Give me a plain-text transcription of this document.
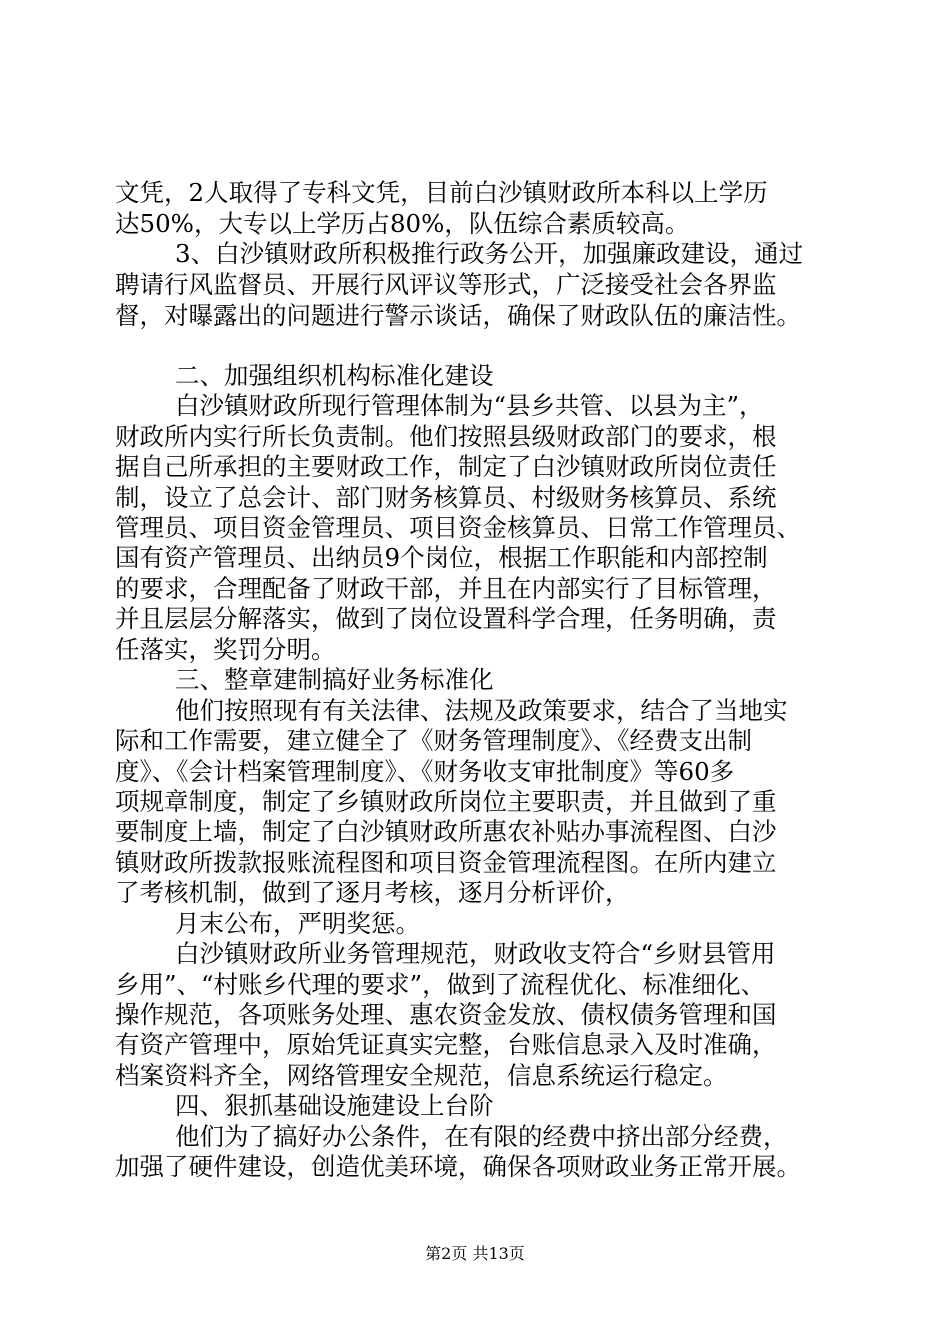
文凭，2人取得了专科文凭，目前白沙镇财政所本科以上学历
达50%，大专以上学历占80%，队伍综合素质较高。
3、白沙镇财政所积极推行政务公开，加强廉政建设，通过
聘请行风监督员、开展行风评议等形式，广泛接受社会各界监
督，对曝露出的问题进行警示谈话，确保了财政队伍的廉洁性。
二、加强组织机构标准化建设
白沙镇财政所现行管理体制为“县乡共管、以县为主”，
财政所内实行所长负责制。他们按照县级财政部门的要求，根
据自己所承担的主要财政工作，制定了白沙镇财政所岗位责任
制，设立了总会计、部门财务核算员、村级财务核算员、系统
管理员、项目资金管理员、项目资金核算员、日常工作管理员、
国有资产管理员、出纳员9个岗位，根据工作职能和内部控制
的要求，合理配备了财政干部，并且在内部实行了目标管理，
并且层层分解落实，做到了岗位设置科学合理，任务明确，责
任落实，奖罚分明。
三、整章建制搞好业务标准化
他们按照现有有关法律、法规及政策要求，结合了当地实
际和工作需要，建立健全了《财务管理制度》、《经费支出制
度》、《会计档案管理制度》、《财务收支审批制度》等60多
项规章制度，制定了乡镇财政所岗位主要职责，并且做到了重
要制度上墙，制定了白沙镇财政所惠农补贴办事流程图、白沙
镇财政所拨款报账流程图和项目资金管理流程图。在所内建立
了考核机制，做到了逐月考核，逐月分析评价，
月末公布，严明奖惩。
白沙镇财政所业务管理规范，财政收支符合“乡财县管用
乡用”、“村账乡代理的要求”，做到了流程优化、标准细化、
操作规范，各项账务处理、惠农资金发放、债权债务管理和国
有资产管理中，原始凭证真实完整，台账信息录入及时准确，
档案资料齐全，网络管理安全规范，信息系统运行稳定。
四、狠抓基础设施建设上台阶
他们为了搞好办公条件，在有限的经费中挤出部分经费，
加强了硬件建设，创造优美环境，确保各项财政业务正常开展。
第2页 共13页
